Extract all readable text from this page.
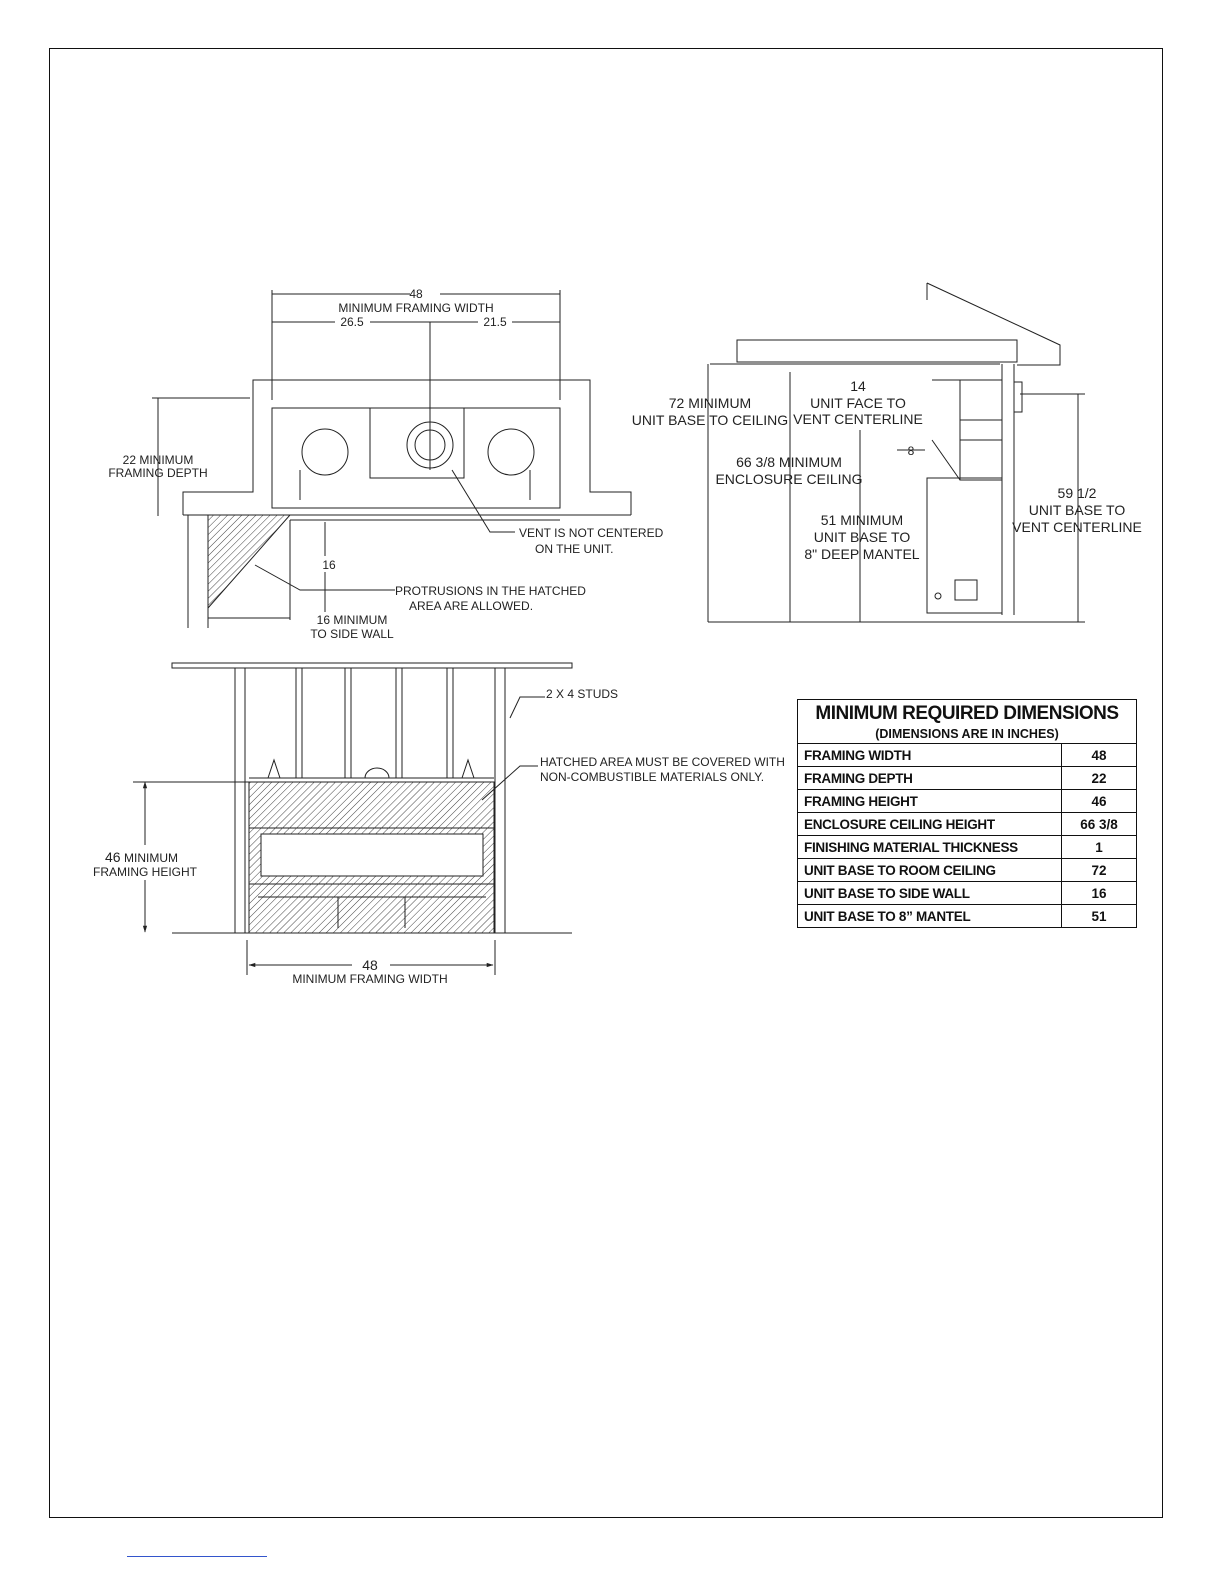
48
MINIMUM FRAMING WIDTH
26.5	21.5
22 MINIMUM
FRAMING DEPTH
VENT IS NOT CENTERED
ON THE UNIT.
16
PROTRUSIONS IN THE HATCHED
AREA ARE ALLOWED.
16 MINIMUM
TO SIDE WALL
72 MINIMUM
UNIT BASE TO CEILING
14
UNIT FACE TO
VENT CENTERLINE
8
66 3/8 MINIMUM
ENCLOSURE CEILING
51 MINIMUM
UNIT BASE TO
8" DEEP MANTEL
59 1/2
UNIT BASE TO
VENT CENTERLINE
2 X 4 STUDS
HATCHED AREA MUST BE COVERED WITH
NON-COMBUSTIBLE MATERIALS ONLY.
46 MINIMUM
FRAMING HEIGHT
48
MINIMUM FRAMING WIDTH
MINIMUM REQUIRED DIMENSIONS
(DIMENSIONS ARE IN INCHES)	

FRAMING WIDTH	48
FRAMING DEPTH	22
FRAMING HEIGHT	46
ENCLOSURE CEILING HEIGHT	66 3/8
FINISHING MATERIAL THICKNESS	1
UNIT BASE TO ROOM CEILING	72
UNIT BASE TO SIDE WALL	16
UNIT BASE TO 8” MANTEL	51
